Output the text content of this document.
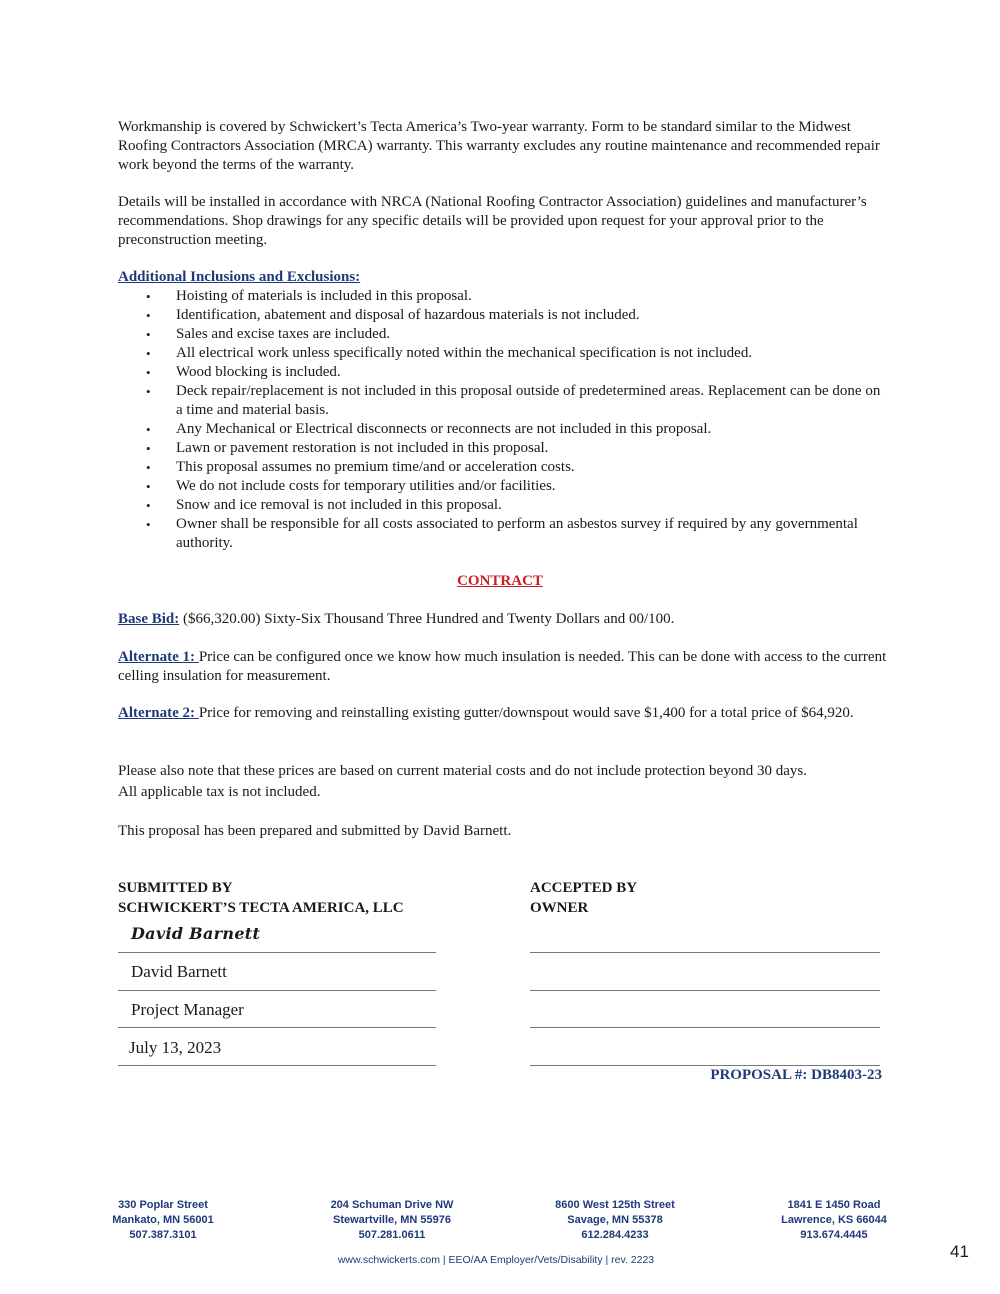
Workmanship is covered by Schwickert’s Tecta America’s Two-year warranty. Form to be standard similar to the Midwest Roofing Contractors Association (MRCA) warranty. This warranty excludes any routine maintenance and recommended repair work beyond the terms of the warranty.

Details will be installed in accordance with NRCA (National Roofing Contractor Association) guidelines and manufacturer’s recommendations. Shop drawings for any specific details will be provided upon request for your approval prior to the preconstruction meeting.

Additional Inclusions and Exclusions:

• Hoisting of materials is included in this proposal.
• Identification, abatement and disposal of hazardous materials is not included.
• Sales and excise taxes are included.
• All electrical work unless specifically noted within the mechanical specification is not included.
• Wood blocking is included.
• Deck repair/replacement is not included in this proposal outside of predetermined areas. Replacement can be done on a time and material basis.
• Any Mechanical or Electrical disconnects or reconnects are not included in this proposal.
• Lawn or pavement restoration is not included in this proposal.
• This proposal assumes no premium time/and or acceleration costs.
• We do not include costs for temporary utilities and/or facilities.
• Snow and ice removal is not included in this proposal.
• Owner shall be responsible for all costs associated to perform an asbestos survey if required by any governmental authority.
CONTRACT

Base Bid: ($66,320.00) Sixty-Six Thousand Three Hundred and Twenty Dollars and 00/100.

Alternate 1: Price can be configured once we know how much insulation is needed. This can be done with access to the current celling insulation for measurement.

Alternate 2: Price for removing and reinstalling existing gutter/downspout would save $1,400 for a total price of $64,920.

Please also note that these prices are based on current material costs and do not include protection beyond 30 days.
All applicable tax is not included.

This proposal has been prepared and submitted by David Barnett.

SUBMITTED BY
SCHWICKERT’S TECTA AMERICA, LLC
ACCEPTED BY
OWNER
David Barnett
David Barnett
Project Manager
July 13, 2023
PROPOSAL #: DB8403-23
330 Poplar Street
Mankato, MN 56001
507.387.3101
204 Schuman Drive NW
Stewartville, MN 55976
507.281.0611
8600 West 125th Street
Savage, MN 55378
612.284.4233
1841 E 1450 Road
Lawrence, KS 66044
913.674.4445
www.schwickerts.com | EEO/AA Employer/Vets/Disability | rev. 2223	41
